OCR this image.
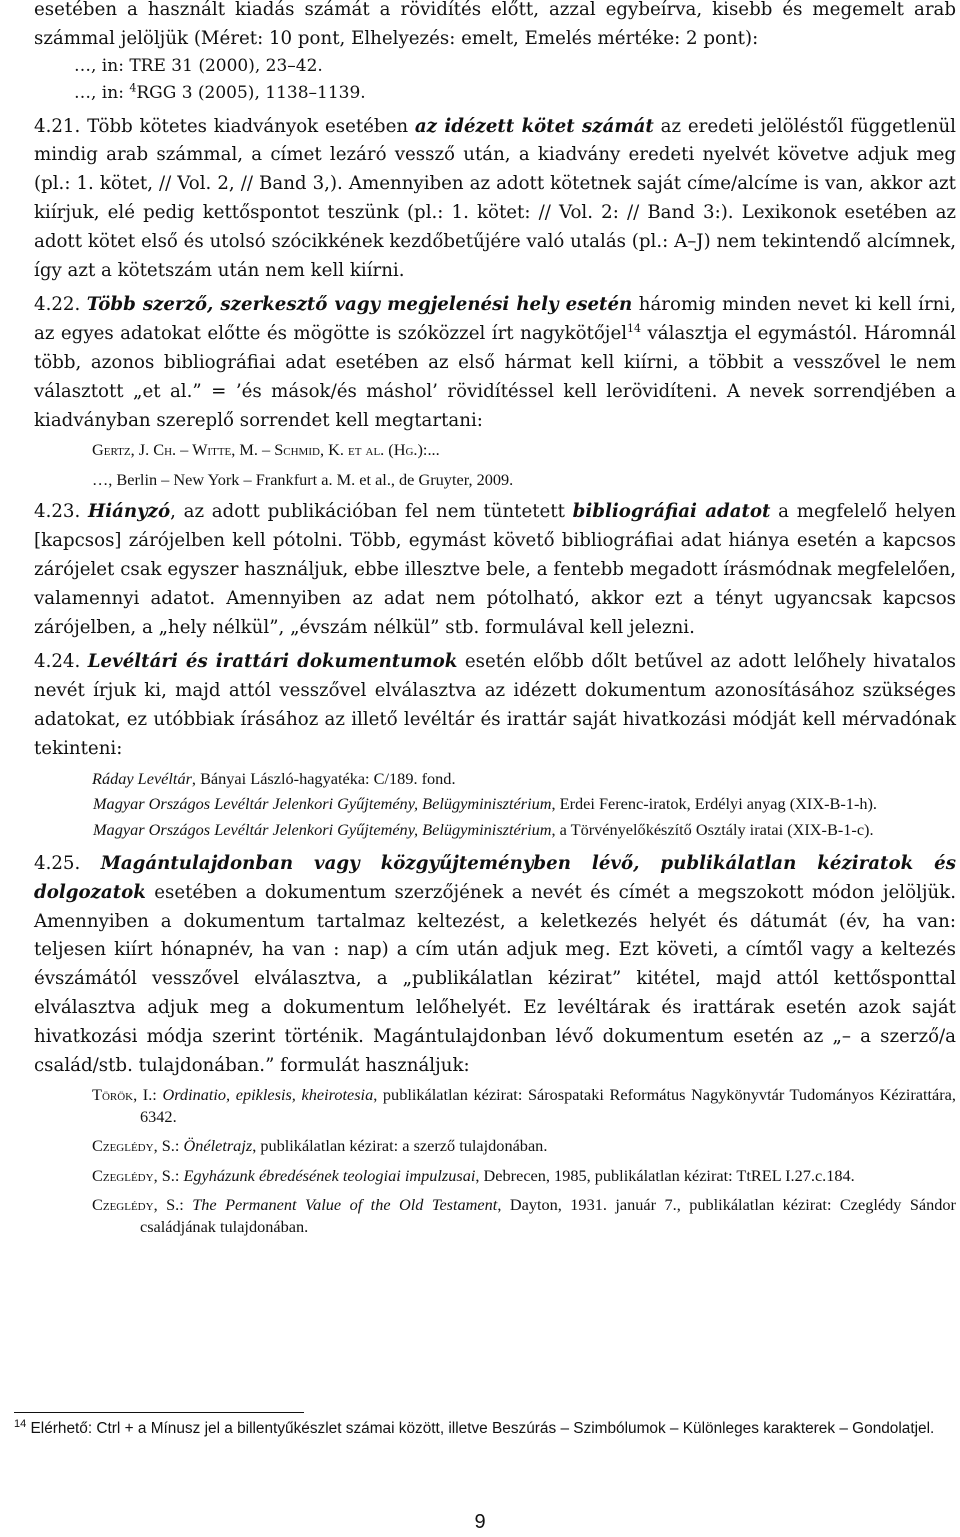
esetében a használt kiadás számát a rövidítés előtt, azzal egybeírva, kisebb és megemelt arab számmal jelöljük (Méret: 10 pont, Elhelyezés: emelt, Emelés mértéke: 2 pont):

…, in: TRE 31 (2000), 23–42.

…, in: $^4$RGG 3 (2005), 1138–1139.

4.21. Több kötetes kiadványok esetében az idézett kötet számát az eredeti jelöléstől függetlenül mindig arab számmal, a címet lezáró vessző után, a kiadvány eredeti nyelvét követve adjuk meg (pl.: 1. kötet, // Vol. 2, // Band 3,). Amennyiben az adott kötetnek saját címe/alcíme is van, akkor azt kiírjuk, elé pedig kettőspontot teszünk (pl.: 1. kötet: // Vol. 2: // Band 3:). Lexikonok esetében az adott kötet első és utolsó szócikkének kezdőbetűjére való utalás (pl.: A–J) nem tekintendő alcímnek, így azt a kötetszám után nem kell kiírni.

4.22. Több szerző, szerkesztő vagy megjelenési hely esetén háromig minden nevet ki kell írni, az egyes adatokat előtte és mögötte is szóközzel írt nagykötőjel$^{14}$ választja el egymástól. Háromnál több, azonos bibliográfiai adat esetében az első hármat kell kiírni, a többit a vesszővel le nem választott „et al.” = ’és mások/és máshol’ rövidítéssel kell lerövidíteni. A nevek sorrendjében a kiadványban szereplő sorrendet kell megtartani:

Gertz, J. Ch. – Witte, M. – Schmid, K. et al. (Hg.):...

…, Berlin – New York – Frankfurt a. M. et al., de Gruyter, 2009.

4.23. Hiányzó, az adott publikációban fel nem tüntetett bibliográfiai adatot a megfelelő helyen [kapcsos] zárójelben kell pótolni. Több, egymást követő bibliográfiai adat hiánya esetén a kapcsos zárójelet csak egyszer használjuk, ebbe illesztve bele, a fentebb megadott írásmódnak megfelelően, valamennyi adatot. Amennyiben az adat nem pótolható, akkor ezt a tényt ugyancsak kapcsos zárójelben, a „hely nélkül”, „évszám nélkül” stb. formulával kell jelezni.

4.24. Levéltári és irattári dokumentumok esetén előbb dőlt betűvel az adott lelőhely hivatalos nevét írjuk ki, majd attól vesszővel elválasztva az idézett dokumentum azonosításához szükséges adatokat, ez utóbbiak írásához az illető levéltár és irattár saját hivatkozási módját kell mérvadónak tekinteni:

Ráday Levéltár, Bányai László-hagyatéka: C/189. fond.

Magyar Országos Levéltár Jelenkori Gyűjtemény, Belügyminisztérium, Erdei Ferenc-iratok, Erdélyi anyag (XIX-B-1-h).

Magyar Országos Levéltár Jelenkori Gyűjtemény, Belügyminisztérium, a Törvényelőkészítő Osztály iratai (XIX-B-1-c).

4.25. Magántulajdonban vagy közgyűjteményben lévő, publikálatlan kéziratok és dolgozatok esetében a dokumentum szerzőjének a nevét és címét a megszokott módon jelöljük. Amennyiben a dokumentum tartalmaz keltezést, a keletkezés helyét és dátumát (év, ha van: teljesen kiírt hónapnév, ha van : nap) a cím után adjuk meg. Ezt követi, a címtől vagy a keltezés évszámától vesszővel elválasztva, a „publikálatlan kézirat” kitétel, majd attól kettősponttal elválasztva adjuk meg a dokumentum lelőhelyét. Ez levéltárak és irattárak esetén azok saját hivatkozási módja szerint történik. Magántulajdonban lévő dokumentum esetén az „– a szerző/a család/stb. tulajdonában.” formulát használjuk:

Török, I.: Ordinatio, epiklesis, kheirotesia, publikálatlan kézirat: Sárospataki Református Nagykönyvtár Tudományos Kézirattára, 6342.

Czeglédy, S.: Önéletrajz, publikálatlan kézirat: a szerző tulajdonában.

Czeglédy, S.: Egyházunk ébredésének teologiai impulzusai, Debrecen, 1985, publikálatlan kézirat: TtREL I.27.c.184.

Czeglédy, S.: The Permanent Value of the Old Testament, Dayton, 1931. január 7., publikálatlan kézirat: Czeglédy Sándor családjának tulajdonában.

$^{14}$ Elérhető: Ctrl + a Mínusz jel a billentyűkészlet számai között, illetve Beszúrás – Szimbólumok – Különleges karakterek – Gondolatjel.
9
